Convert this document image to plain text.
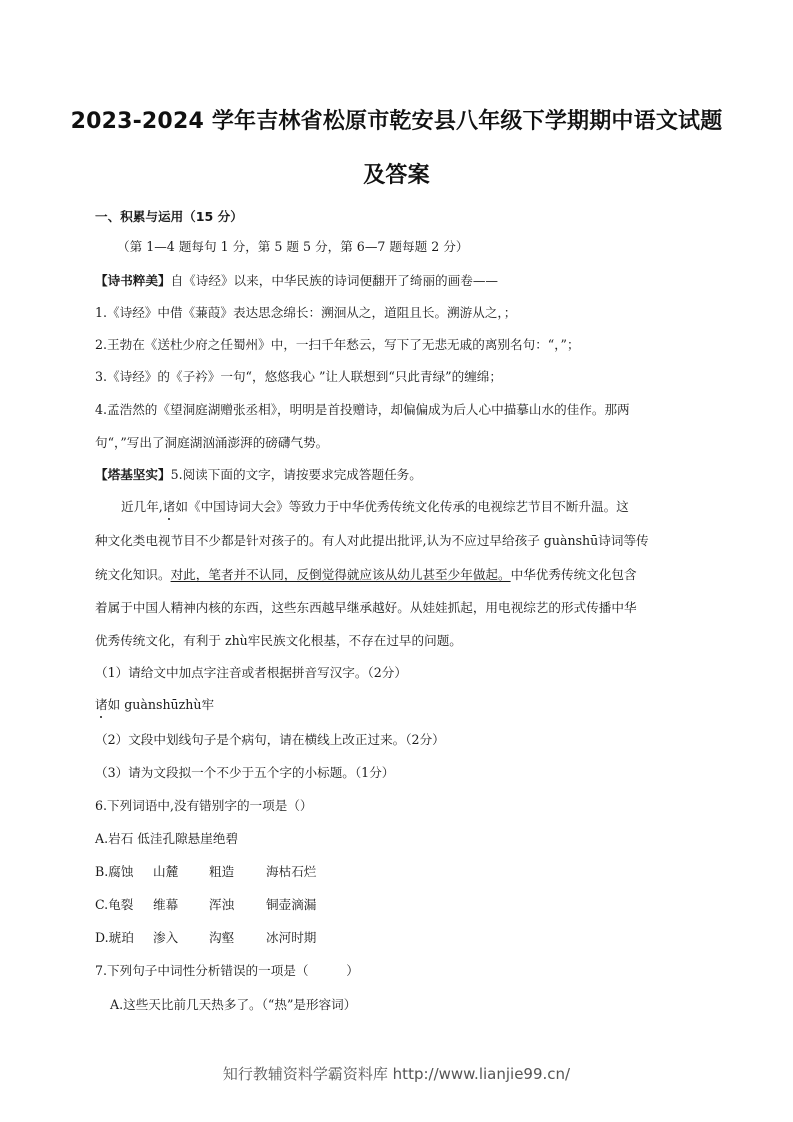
2023-2024 学年吉林省松原市乾安县八年级下学期期中语文试题
及答案
一、积累与运用（15 分）
（第 1—4 题每句 1 分，第 5 题 5 分，第 6—7 题每题 2 分）
【诗书粹美】自《诗经》以来，中华民族的诗词便翻开了绮丽的画卷——
1.《诗经》中借《蒹葭》表达思念绵长：溯洄从之，道阻且长。溯游从之，；
2.王勃在《送杜少府之任蜀州》中，一扫千年愁云，写下了无悲无戚的离别名句：“，”；
3.《诗经》的《子衿》一句“，悠悠我心 ”让人联想到“只此青绿”的缠绵；
4.孟浩然的《望洞庭湖赠张丞相》，明明是首投赠诗，却偏偏成为后人心中描摹山水的佳作。那两
句“，”写出了洞庭湖汹涌澎湃的磅礴气势。
【塔基坚实】5.阅读下面的文字，请按要求完成答题任务。
近几年,诸如《中国诗词大会》等致力于中华优秀传统文化传承的电视综艺节目不断升温。这
种文化类电视节目不少都是针对孩子的。有人对此提出批评,认为不应过早给孩子 guànshū诗词等传
统文化知识。对此，笔者并不认同，反倒觉得就应该从幼儿甚至少年做起。中华优秀传统文化包含
着属于中国人精神内核的东西，这些东西越早继承越好。从娃娃抓起，用电视综艺的形式传播中华
优秀传统文化，有利于 zhù牢民族文化根基，不存在过早的问题。
（1）请给文中加点字注音或者根据拼音写汉字。（2分）
诸如 guànshūzhù牢
（2）文段中划线句子是个病句，请在横线上改正过来。（2分）
（3）请为文段拟一个不少于五个字的小标题。（1分）
6.下列词语中,没有错别字的一项是（）
A.岩石 低洼孔隙悬崖绝碧
B.腐蚀 山麓 粗造	海枯石烂
C.龟裂 维幕 浑浊	铜壶滴漏
D.琥珀 渗入 沟壑	冰河时期
7.下列句子中词性分析错误的一项是（　　　）
A.这些天比前几天热多了。（“热”是形容词）
知行教辅资料学霸资料库 http://www.lianjie99.cn/
